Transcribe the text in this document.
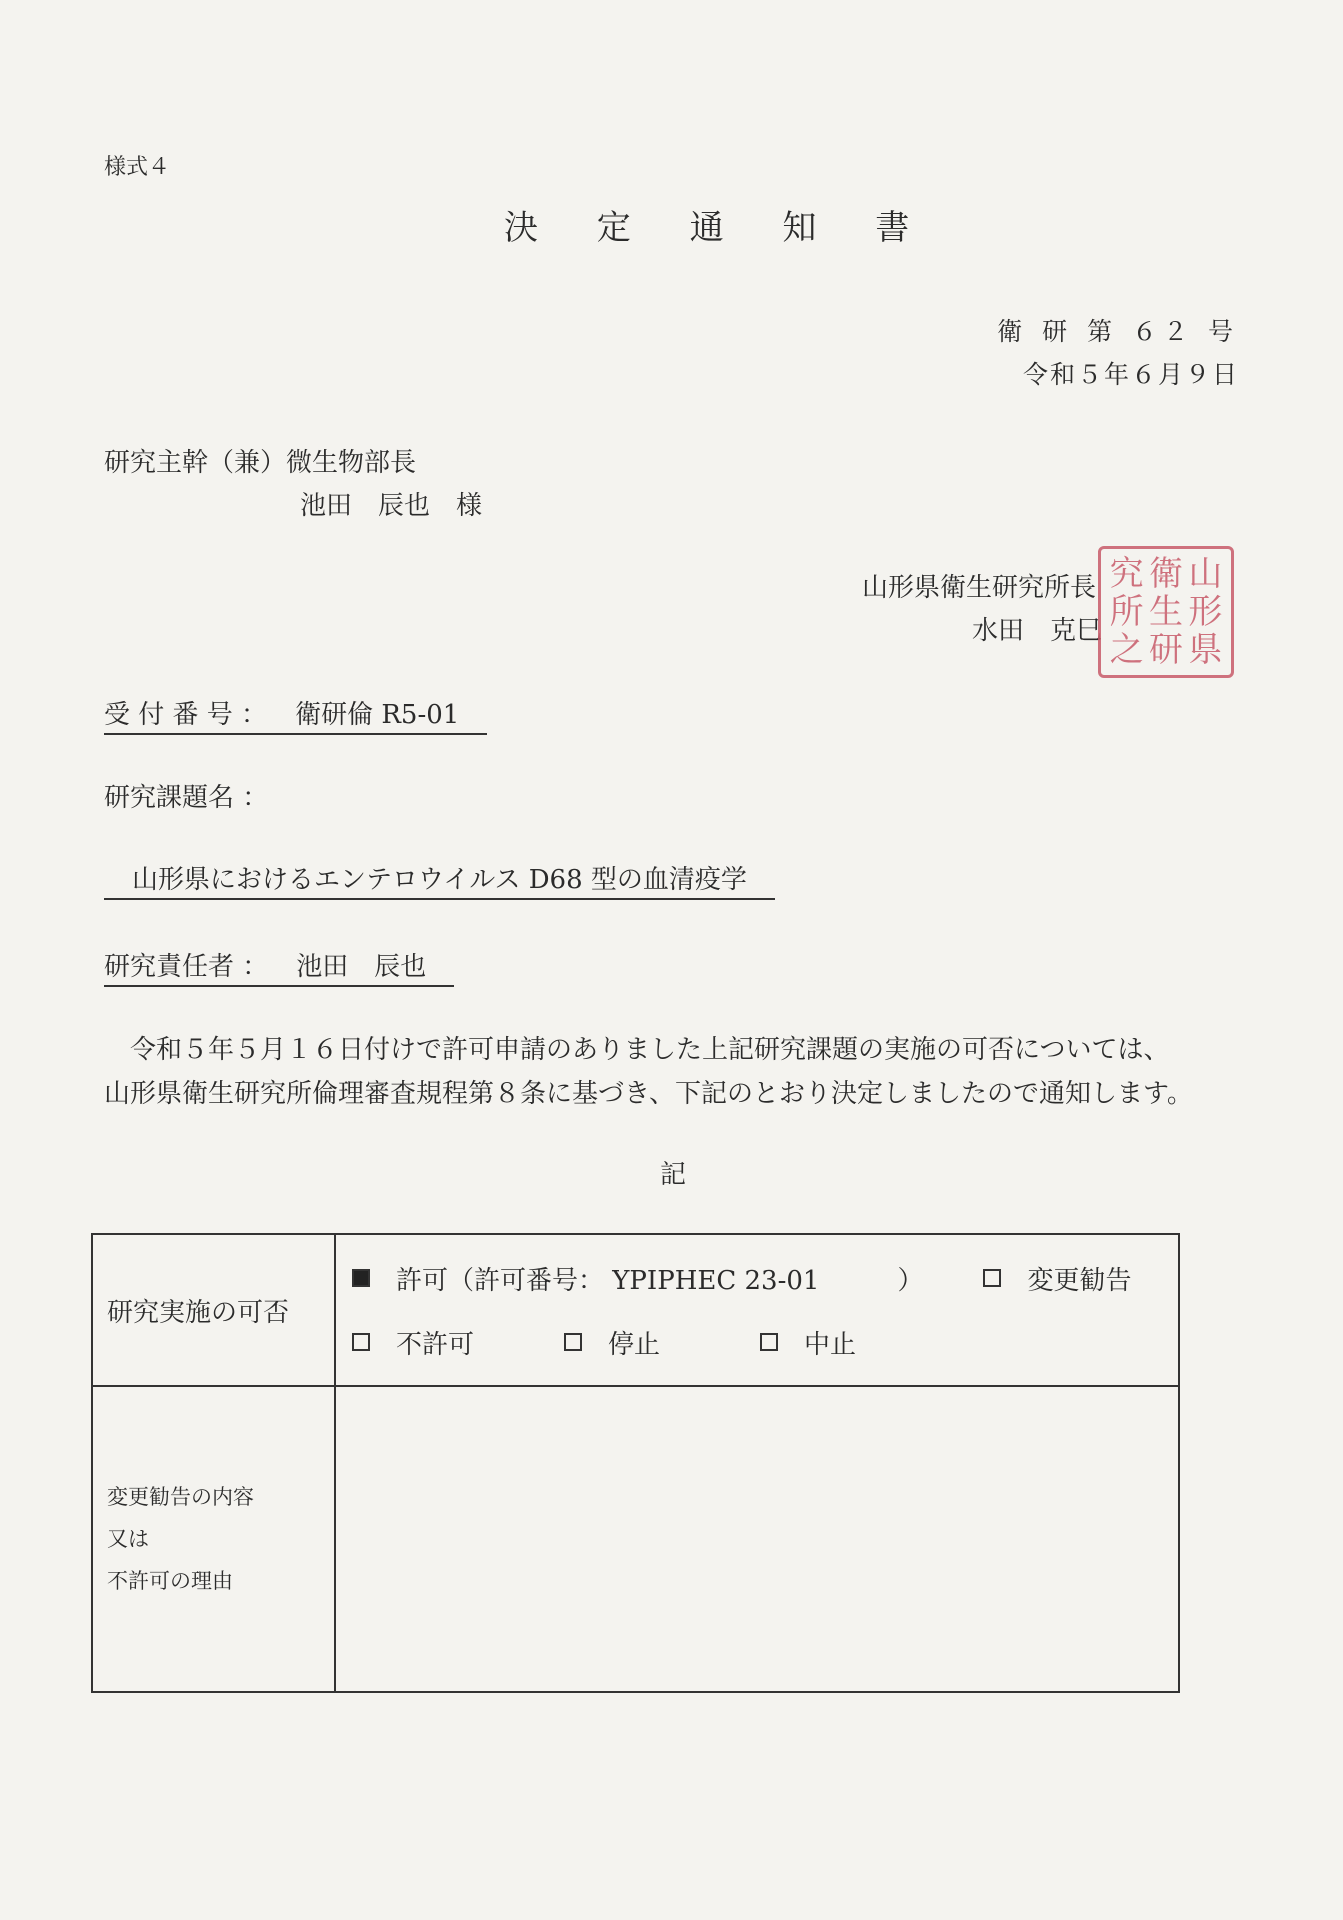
様式４
決 定 通 知 書
衛 研 第 ６２ 号
令和５年６月９日
研究主幹（兼）微生物部長
池田　辰也　様
山形県衛生研究所長
水田　克巳
山
形
県
衛
生
研
究
所
之
受 付 番 号 ： 衛研倫 R5-01
研究課題名 ：
山形県におけるエンテロウイルス D68 型の血清疫学
研究責任者 ： 池田　辰也
　令和５年５月１６日付けで許可申請のありました上記研究課題の実施の可否については、
山形県衛生研究所倫理審査規程第８条に基づき、下記のとおり決定しましたので通知します。
記
研究実施の可否	許可（許可番号： YPIPHEC 23-01　　　） 変更勧告
不許可 停止 中止

変更勧告の内容
又は
不許可の理由	
